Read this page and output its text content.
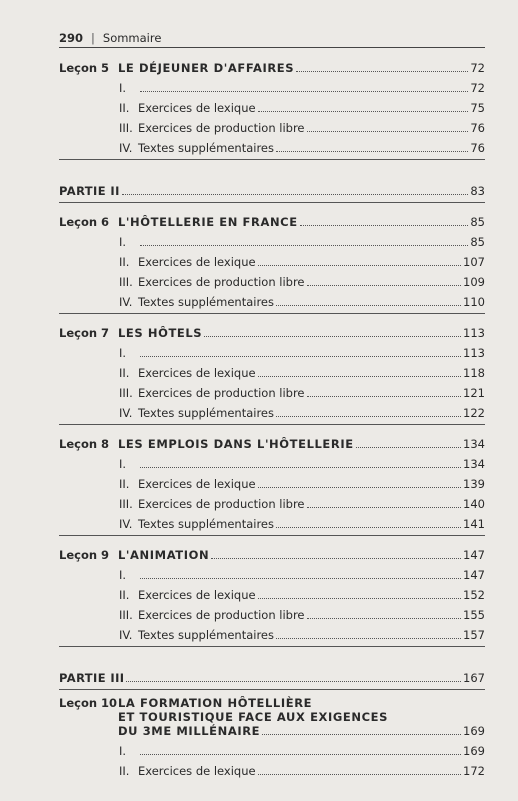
290 | Sommaire
Leçon 5 LE DÉJEUNER D'AFFAIRES	72
I.	72
II. Exercices de lexique	75
III. Exercices de production libre	76
IV. Textes supplémentaires	76
PARTIE II	83
Leçon 6 L'HÔTELLERIE EN FRANCE	85
I.	85
II. Exercices de lexique	107
III. Exercices de production libre	109
IV. Textes supplémentaires	110
Leçon 7 LES HÔTELS	113
I.	113
II. Exercices de lexique	118
III. Exercices de production libre	121
IV. Textes supplémentaires	122
Leçon 8 LES EMPLOIS DANS L'HÔTELLERIE	134
I.	134
II. Exercices de lexique	139
III. Exercices de production libre	140
IV. Textes supplémentaires	141
Leçon 9 L'ANIMATION	147
I.	147
II. Exercices de lexique	152
III. Exercices de production libre	155
IV. Textes supplémentaires	157
PARTIE III	167
Leçon 10 LA FORMATION HÔTELLIÈRE
ET TOURISTIQUE FACE AUX EXIGENCES
DU 3ME MILLÉNAIRE	169
I.	169
II. Exercices de lexique	172
